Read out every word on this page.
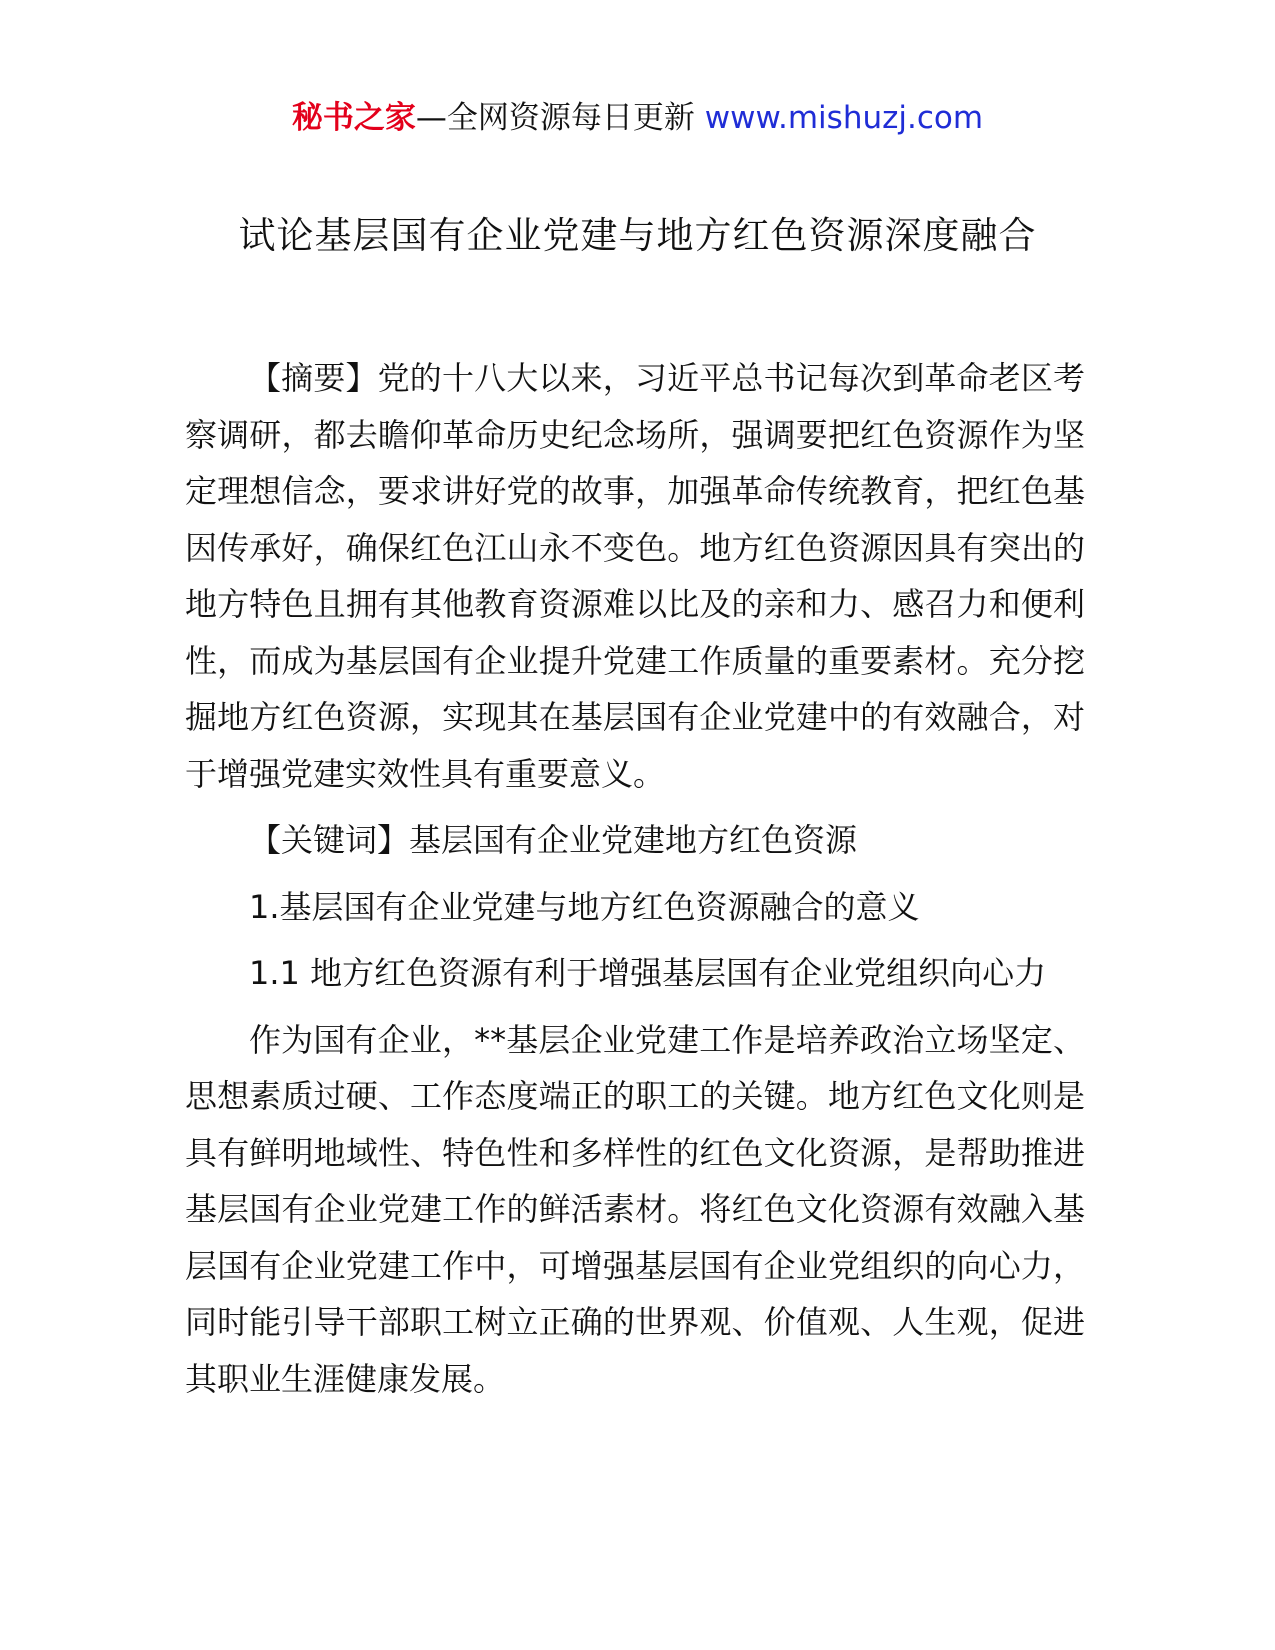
秘书之家—全网资源每日更新 www.mishuzj.com
试论基层国有企业党建与地方红色资源深度融合

【摘要】党的十八大以来，习近平总书记每次到革命老区考察调研，都去瞻仰革命历史纪念场所，强调要把红色资源作为坚定理想信念，要求讲好党的故事，加强革命传统教育，把红色基因传承好，确保红色江山永不变色。地方红色资源因具有突出的地方特色且拥有其他教育资源难以比及的亲和力、感召力和便利性，而成为基层国有企业提升党建工作质量的重要素材。充分挖掘地方红色资源，实现其在基层国有企业党建中的有效融合，对于增强党建实效性具有重要意义。

【关键词】基层国有企业党建地方红色资源

1.基层国有企业党建与地方红色资源融合的意义

1.1 地方红色资源有利于增强基层国有企业党组织向心力

作为国有企业，**基层企业党建工作是培养政治立场坚定、思想素质过硬、工作态度端正的职工的关键。地方红色文化则是具有鲜明地域性、特色性和多样性的红色文化资源，是帮助推进基层国有企业党建工作的鲜活素材。将红色文化资源有效融入基层国有企业党建工作中，可增强基层国有企业党组织的向心力，同时能引导干部职工树立正确的世界观、价值观、人生观，促进其职业生涯健康发展。
